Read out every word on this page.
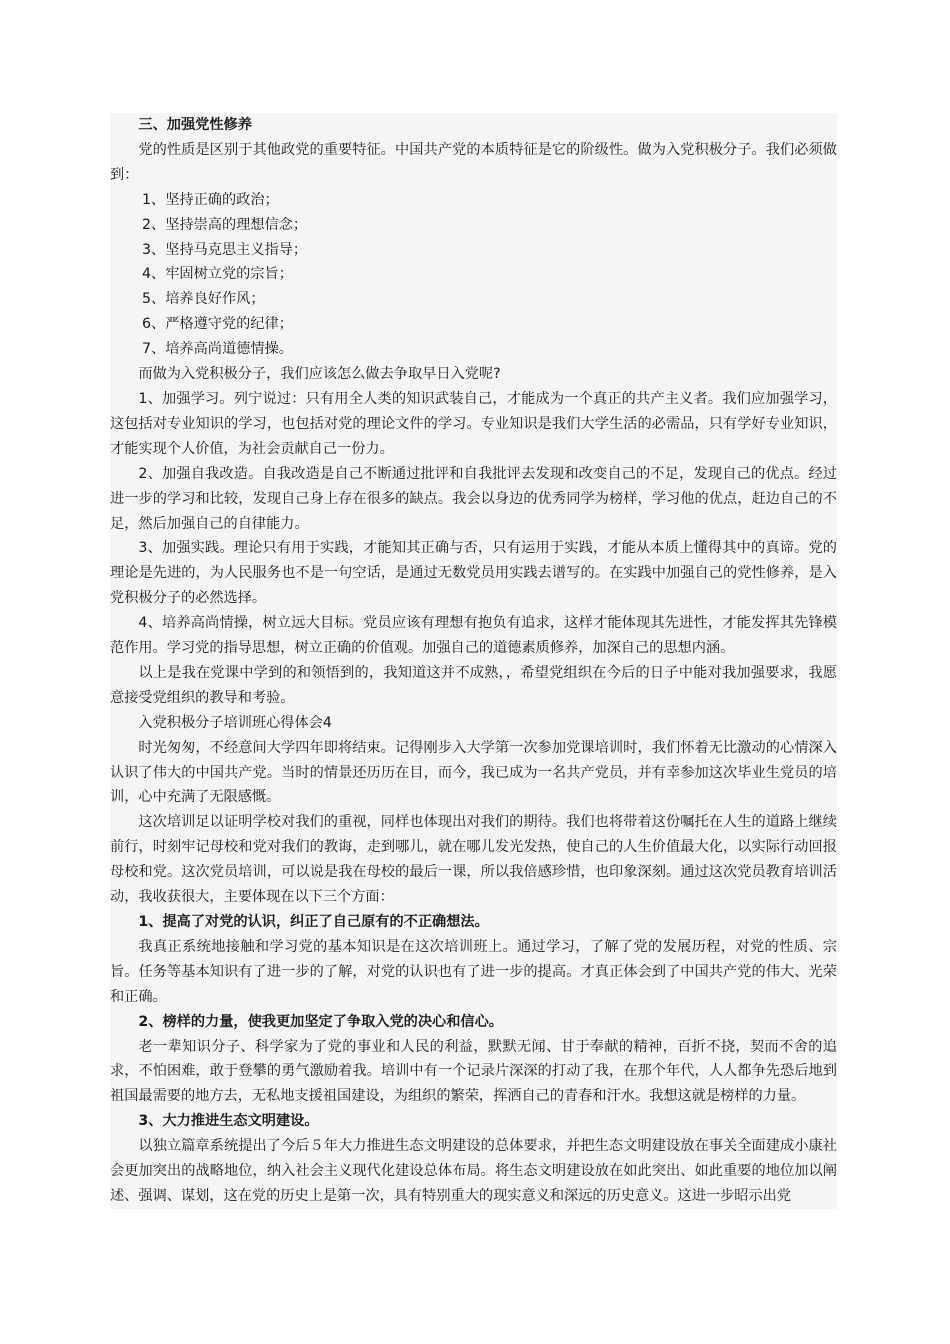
三、加强党性修养

党的性质是区别于其他政党的重要特征。中国共产党的本质特征是它的阶级性。做为入党积极分子。我们必须做到：

1、坚持正确的政治；

2、坚持崇高的理想信念；

3、坚持马克思主义指导；

4、牢固树立党的宗旨；

5、培养良好作风；

6、严格遵守党的纪律；

7、培养高尚道德情操。

而做为入党积极分子，我们应该怎么做去争取早日入党呢?

1、加强学习。列宁说过：只有用全人类的知识武装自己，才能成为一个真正的共产主义者。我们应加强学习，这包括对专业知识的学习，也包括对党的理论文件的学习。专业知识是我们大学生活的必需品，只有学好专业知识，才能实现个人价值，为社会贡献自己一份力。

2、加强自我改造。自我改造是自己不断通过批评和自我批评去发现和改变自己的不足，发现自己的优点。经过进一步的学习和比较，发现自己身上存在很多的缺点。我会以身边的优秀同学为榜样，学习他的优点，赶边自己的不足，然后加强自己的自律能力。

3、加强实践。理论只有用于实践，才能知其正确与否，只有运用于实践，才能从本质上懂得其中的真谛。党的理论是先进的，为人民服务也不是一句空话，是通过无数党员用实践去谱写的。在实践中加强自己的党性修养，是入党积极分子的必然选择。

4、培养高尚情操，树立远大目标。党员应该有理想有抱负有追求，这样才能体现其先进性，才能发挥其先锋模范作用。学习党的指导思想，树立正确的价值观。加强自己的道德素质修养，加深自己的思想内涵。

以上是我在党课中学到的和领悟到的，我知道这并不成熟，，希望党组织在今后的日子中能对我加强要求，我愿意接受党组织的教导和考验。

入党积极分子培训班心得体会4

时光匆匆，不经意间大学四年即将结束。记得刚步入大学第一次参加党课培训时，我们怀着无比激动的心情深入认识了伟大的中国共产党。当时的情景还历历在目，而今，我已成为一名共产党员，并有幸参加这次毕业生党员的培训，心中充满了无限感慨。

这次培训足以证明学校对我们的重视，同样也体现出对我们的期待。我们也将带着这份嘱托在人生的道路上继续前行，时刻牢记母校和党对我们的教诲，走到哪儿，就在哪儿发光发热，使自己的人生价值最大化，以实际行动回报母校和党。这次党员培训，可以说是我在母校的最后一课，所以我倍感珍惜，也印象深刻。通过这次党员教育培训活动，我收获很大，主要体现在以下三个方面：

1、提高了对党的认识，纠正了自己原有的不正确想法。

我真正系统地接触和学习党的基本知识是在这次培训班上。通过学习，了解了党的发展历程，对党的性质、宗旨。任务等基本知识有了进一步的了解，对党的认识也有了进一步的提高。才真正体会到了中国共产党的伟大、光荣和正确。

2、榜样的力量，使我更加坚定了争取入党的决心和信心。

老一辈知识分子、科学家为了党的事业和人民的利益，默默无闻、甘于奉献的精神，百折不挠，契而不舍的追求，不怕困难，敢于登攀的勇气激励着我。培训中有一个记录片深深的打动了我，在那个年代，人人都争先恐后地到祖国最需要的地方去，无私地支援祖国建设，为组织的繁荣，挥洒自己的青春和汗水。我想这就是榜样的力量。

3、大力推进生态文明建设。

以独立篇章系统提出了今后５年大力推进生态文明建设的总体要求，并把生态文明建设放在事关全面建成小康社会更加突出的战略地位，纳入社会主义现代化建设总体布局。将生态文明建设放在如此突出、如此重要的地位加以阐述、强调、谋划，这在党的历史上是第一次，具有特别重大的现实意义和深远的历史意义。这进一步昭示出党
